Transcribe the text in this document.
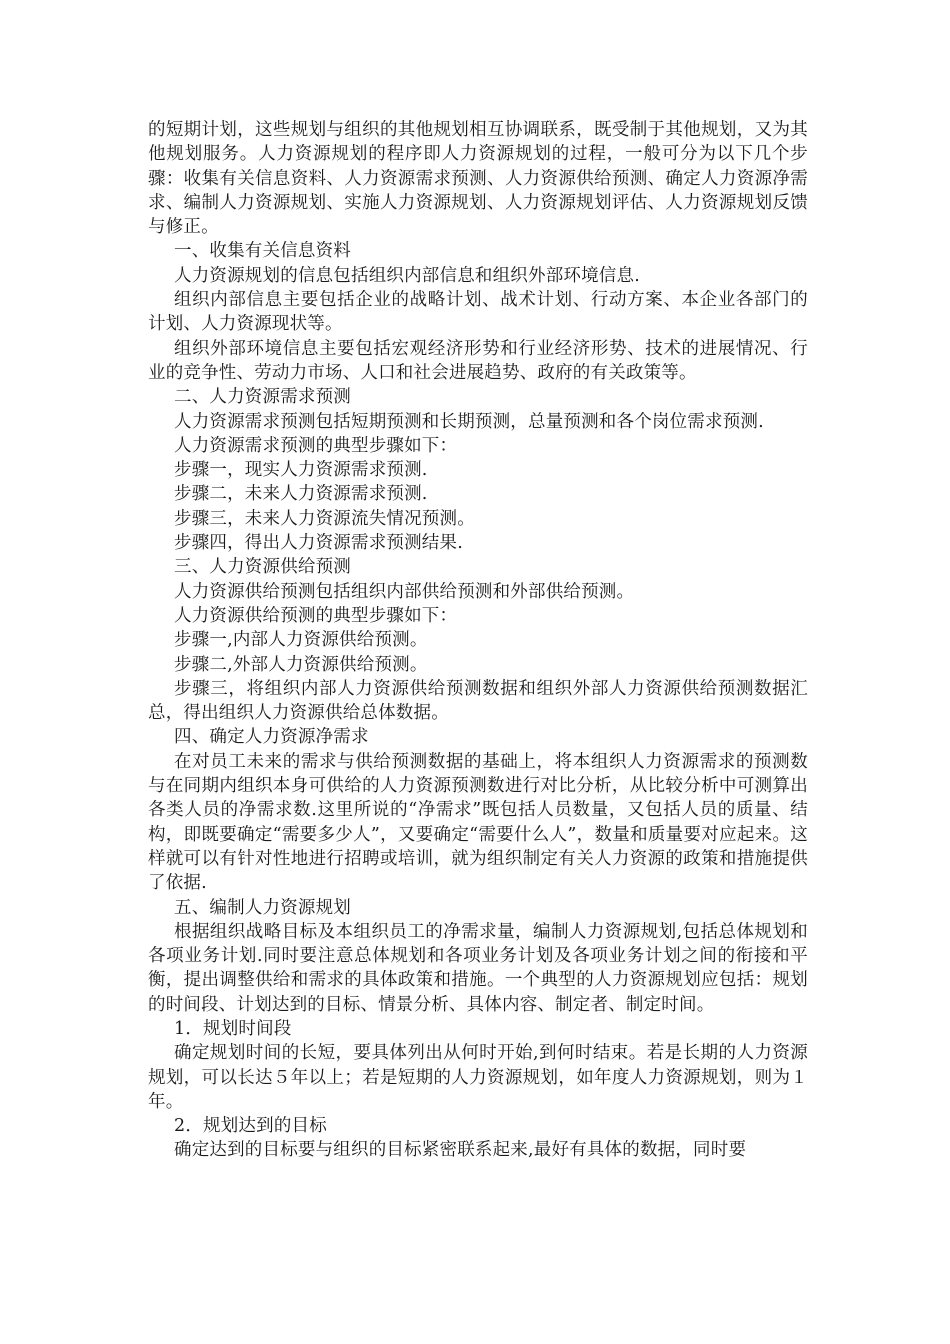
的短期计划，这些规划与组织的其他规划相互协调联系，既受制于其他规划，又为其他规划服务。人力资源规划的程序即人力资源规划的过程，一般可分为以下几个步骤：收集有关信息资料、人力资源需求预测、人力资源供给预测、确定人力资源净需求、编制人力资源规划、实施人力资源规划、人力资源规划评估、人力资源规划反馈与修正。

一、收集有关信息资料

人力资源规划的信息包括组织内部信息和组织外部环境信息.

组织内部信息主要包括企业的战略计划、战术计划、行动方案、本企业各部门的计划、人力资源现状等。

组织外部环境信息主要包括宏观经济形势和行业经济形势、技术的进展情况、行业的竞争性、劳动力市场、人口和社会进展趋势、政府的有关政策等。

二、人力资源需求预测

人力资源需求预测包括短期预测和长期预测，总量预测和各个岗位需求预测.

人力资源需求预测的典型步骤如下：

步骤一，现实人力资源需求预测.

步骤二，未来人力资源需求预测.

步骤三，未来人力资源流失情况预测。

步骤四，得出人力资源需求预测结果.

三、人力资源供给预测

人力资源供给预测包括组织内部供给预测和外部供给预测。

人力资源供给预测的典型步骤如下：

步骤一,内部人力资源供给预测。

步骤二,外部人力资源供给预测。

步骤三，将组织内部人力资源供给预测数据和组织外部人力资源供给预测数据汇总，得出组织人力资源供给总体数据。

四、确定人力资源净需求

在对员工未来的需求与供给预测数据的基础上，将本组织人力资源需求的预测数与在同期内组织本身可供给的人力资源预测数进行对比分析，从比较分析中可测算出各类人员的净需求数.这里所说的“净需求”既包括人员数量，又包括人员的质量、结构，即既要确定“需要多少人”，又要确定“需要什么人”，数量和质量要对应起来。这样就可以有针对性地进行招聘或培训，就为组织制定有关人力资源的政策和措施提供了依据.

五、编制人力资源规划

根据组织战略目标及本组织员工的净需求量，编制人力资源规划,包括总体规划和各项业务计划.同时要注意总体规划和各项业务计划及各项业务计划之间的衔接和平衡，提出调整供给和需求的具体政策和措施。一个典型的人力资源规划应包括：规划的时间段、计划达到的目标、情景分析、具体内容、制定者、制定时间。

1．规划时间段

确定规划时间的长短，要具体列出从何时开始,到何时结束。若是长期的人力资源规划，可以长达５年以上；若是短期的人力资源规划，如年度人力资源规划，则为１年。

2．规划达到的目标

确定达到的目标要与组织的目标紧密联系起来,最好有具体的数据，同时要
